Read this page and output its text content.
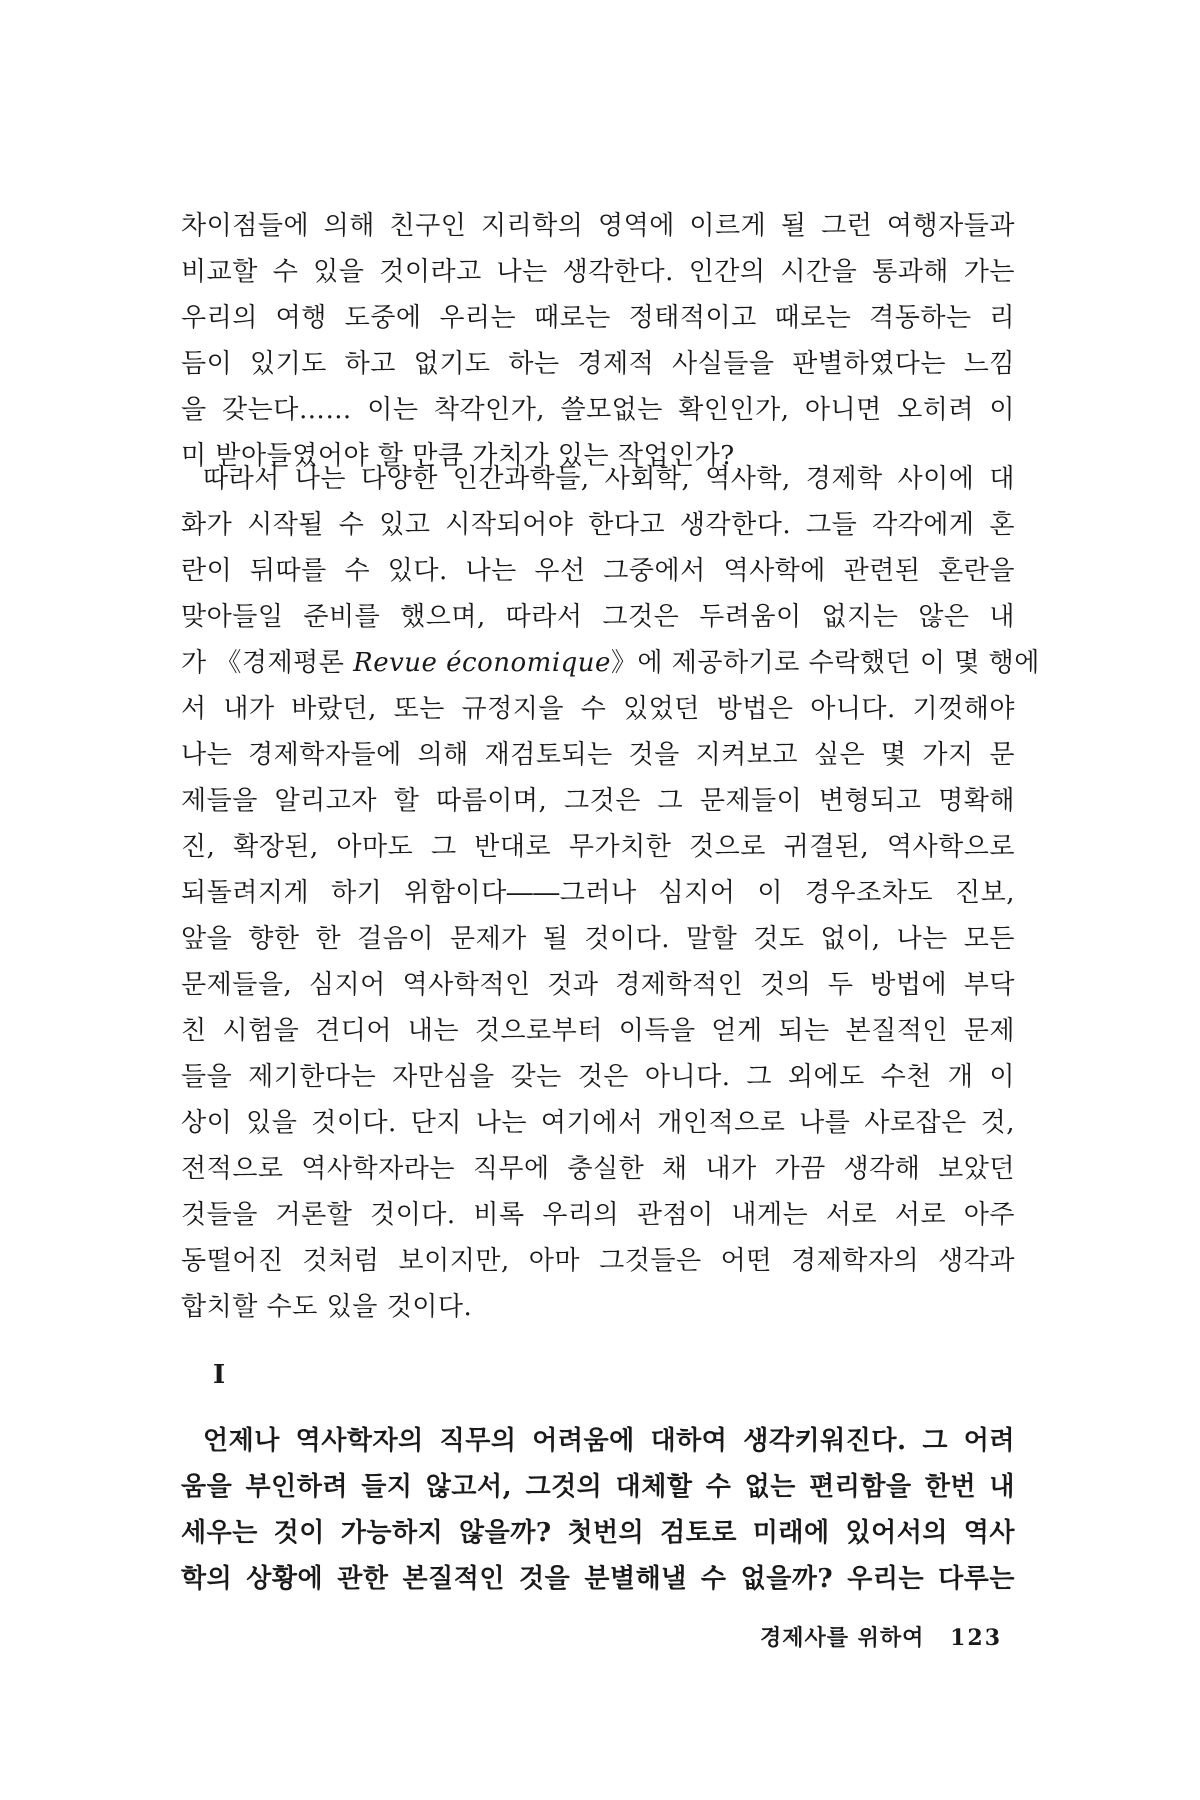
차이점들에 의해 친구인 지리학의 영역에 이르게 될 그런 여행자들과
비교할 수 있을 것이라고 나는 생각한다. 인간의 시간을 통과해 가는
우리의 여행 도중에 우리는 때로는 정태적이고 때로는 격동하는 리
듬이 있기도 하고 없기도 하는 경제적 사실들을 판별하였다는 느낌
을 갖는다…… 이는 착각인가, 쓸모없는 확인인가, 아니면 오히려 이
미 받아들였어야 할 만큼 가치가 있는 작업인가?
따라서 나는 다양한 인간과학들, 사회학, 역사학, 경제학 사이에 대
화가 시작될 수 있고 시작되어야 한다고 생각한다. 그들 각각에게 혼
란이 뒤따를 수 있다. 나는 우선 그중에서 역사학에 관련된 혼란을
맞아들일 준비를 했으며, 따라서 그것은 두려움이 없지는 않은 내
가 《경제평론 Revue économique》에 제공하기로 수락했던 이 몇 행에
서 내가 바랐던, 또는 규정지을 수 있었던 방법은 아니다. 기껏해야
나는 경제학자들에 의해 재검토되는 것을 지켜보고 싶은 몇 가지 문
제들을 알리고자 할 따름이며, 그것은 그 문제들이 변형되고 명확해
진, 확장된, 아마도 그 반대로 무가치한 것으로 귀결된, 역사학으로
되돌려지게 하기 위함이다――그러나 심지어 이 경우조차도 진보,
앞을 향한 한 걸음이 문제가 될 것이다. 말할 것도 없이, 나는 모든
문제들을, 심지어 역사학적인 것과 경제학적인 것의 두 방법에 부닥
친 시험을 견디어 내는 것으로부터 이득을 얻게 되는 본질적인 문제
들을 제기한다는 자만심을 갖는 것은 아니다. 그 외에도 수천 개 이
상이 있을 것이다. 단지 나는 여기에서 개인적으로 나를 사로잡은 것,
전적으로 역사학자라는 직무에 충실한 채 내가 가끔 생각해 보았던
것들을 거론할 것이다. 비록 우리의 관점이 내게는 서로 서로 아주
동떨어진 것처럼 보이지만, 아마 그것들은 어떤 경제학자의 생각과
합치할 수도 있을 것이다.
I
언제나 역사학자의 직무의 어려움에 대하여 생각키워진다. 그 어려
움을 부인하려 들지 않고서, 그것의 대체할 수 없는 편리함을 한번 내
세우는 것이 가능하지 않을까? 첫번의 검토로 미래에 있어서의 역사
학의 상황에 관한 본질적인 것을 분별해낼 수 없을까? 우리는 다루는
경제사를 위하여 123
